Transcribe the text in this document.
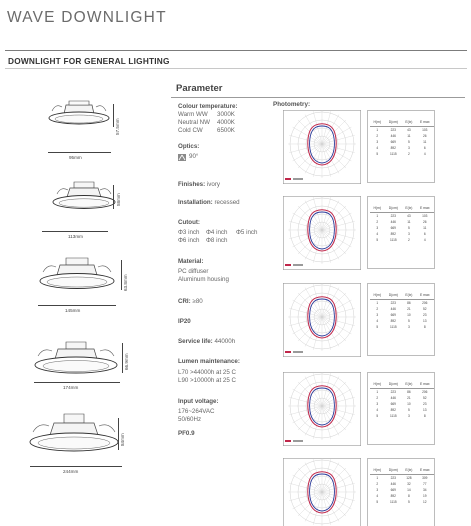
WAVE DOWNLIGHT
DOWNLIGHT FOR GENERAL LIGHTING
57.5mm
95mm
58mm
113mm
63.8mm
145mm
66.9mm
174mm
84mm
244mm
Parameter
Colour temperature:
Warm WW	3000K
Neutral NW	4000K
Cold CW	6500K
Optics:
90°
Finishes: ivory
Installation: recessed
Cutout:
Φ3 inch	Φ4 inch	Φ5 inch
Φ6 inch	Φ8 inch
Material:
PC diffuser
Aluminum housing
CRI: ≥80
IP20
Service life: 44000h
Lumen maintenance:
L70 >44000h at 25 C
L90 >10000h at 25 C
Input voltage:
176~264VAC
50/60Hz
PF0.9
Photometry:
H(m)	D(cm)	E(lx)	E max
1	223	43	103
2	446	11	26
3	669	5	11
4	892	3	6
5	1115	2	4
H(m)	D(cm)	E(lx)	E max
1	223	43	103
2	446	11	26
3	669	5	11
4	892	3	6
5	1115	2	4
H(m)	D(cm)	E(lx)	E max
1	223	86	206
2	446	21	52
3	669	10	23
4	892	5	13
5	1115	3	8
H(m)	D(cm)	E(lx)	E max
1	223	86	206
2	446	21	52
3	669	10	23
4	892	5	13
5	1115	3	8
H(m)	D(cm)	E(lx)	E max
1	223	128	309
2	446	32	77
3	669	14	34
4	892	8	19
5	1115	5	12
